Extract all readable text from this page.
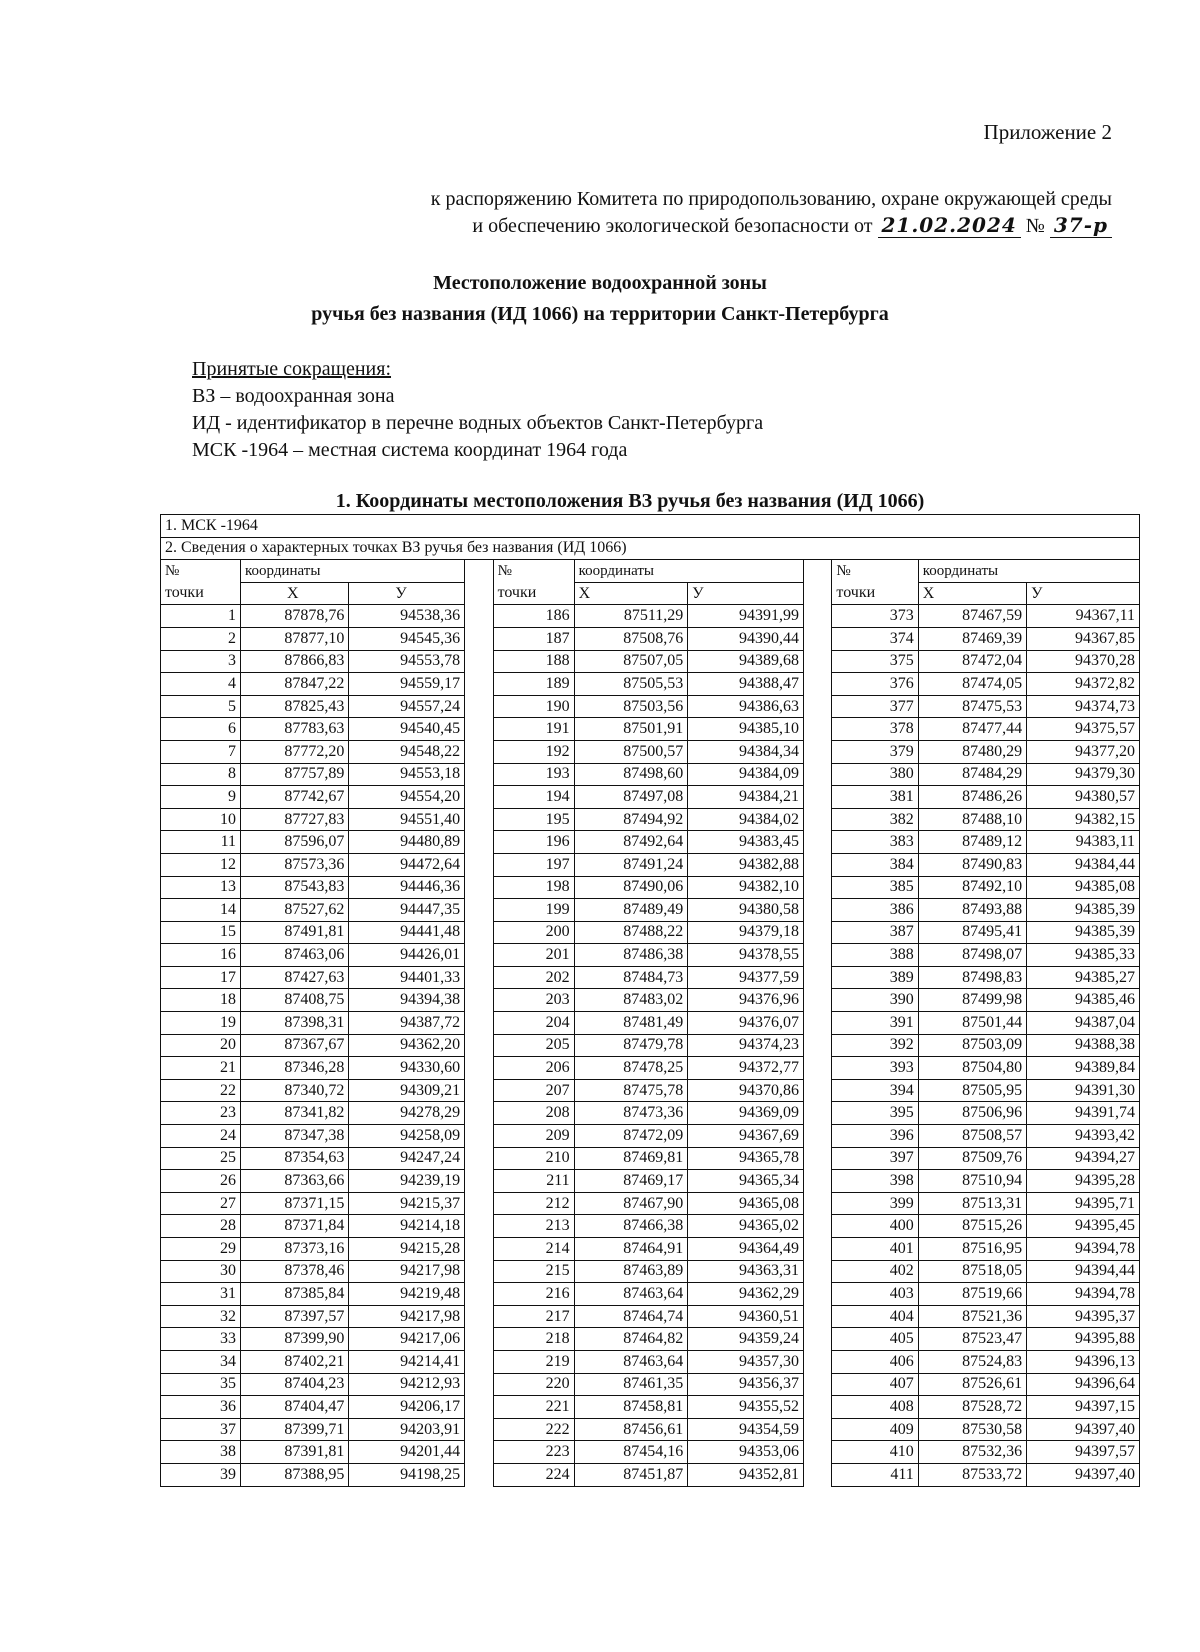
Приложение 2
к распоряжению Комитета по природопользованию, охране окружающей среды
и обеспечению экологической безопасности от 21.02.2024 № 37-р
Местоположение водоохранной зоны
ручья без названия (ИД 1066) на территории Санкт-Петербурга
Принятые сокращения:
ВЗ – водоохранная зона
ИД - идентификатор в перечне водных объектов Санкт-Петербурга
МСК -1964 – местная система координат 1964 года
1. Координаты местоположения ВЗ ручья без названия (ИД 1066)
1. МСК -1964										
2. Сведения о характерных точках ВЗ ручья без названия (ИД 1066)										
№	координаты			№	координаты			№	координаты	
точки	Х	У		точки	Х	У		точки	Х	У
1	87878,76	94538,36		186	87511,29	94391,99		373	87467,59	94367,11
2	87877,10	94545,36		187	87508,76	94390,44		374	87469,39	94367,85
3	87866,83	94553,78		188	87507,05	94389,68		375	87472,04	94370,28
4	87847,22	94559,17		189	87505,53	94388,47		376	87474,05	94372,82
5	87825,43	94557,24		190	87503,56	94386,63		377	87475,53	94374,73
6	87783,63	94540,45		191	87501,91	94385,10		378	87477,44	94375,57
7	87772,20	94548,22		192	87500,57	94384,34		379	87480,29	94377,20
8	87757,89	94553,18		193	87498,60	94384,09		380	87484,29	94379,30
9	87742,67	94554,20		194	87497,08	94384,21		381	87486,26	94380,57
10	87727,83	94551,40		195	87494,92	94384,02		382	87488,10	94382,15
11	87596,07	94480,89		196	87492,64	94383,45		383	87489,12	94383,11
12	87573,36	94472,64		197	87491,24	94382,88		384	87490,83	94384,44
13	87543,83	94446,36		198	87490,06	94382,10		385	87492,10	94385,08
14	87527,62	94447,35		199	87489,49	94380,58		386	87493,88	94385,39
15	87491,81	94441,48		200	87488,22	94379,18		387	87495,41	94385,39
16	87463,06	94426,01		201	87486,38	94378,55		388	87498,07	94385,33
17	87427,63	94401,33		202	87484,73	94377,59		389	87498,83	94385,27
18	87408,75	94394,38		203	87483,02	94376,96		390	87499,98	94385,46
19	87398,31	94387,72		204	87481,49	94376,07		391	87501,44	94387,04
20	87367,67	94362,20		205	87479,78	94374,23		392	87503,09	94388,38
21	87346,28	94330,60		206	87478,25	94372,77		393	87504,80	94389,84
22	87340,72	94309,21		207	87475,78	94370,86		394	87505,95	94391,30
23	87341,82	94278,29		208	87473,36	94369,09		395	87506,96	94391,74
24	87347,38	94258,09		209	87472,09	94367,69		396	87508,57	94393,42
25	87354,63	94247,24		210	87469,81	94365,78		397	87509,76	94394,27
26	87363,66	94239,19		211	87469,17	94365,34		398	87510,94	94395,28
27	87371,15	94215,37		212	87467,90	94365,08		399	87513,31	94395,71
28	87371,84	94214,18		213	87466,38	94365,02		400	87515,26	94395,45
29	87373,16	94215,28		214	87464,91	94364,49		401	87516,95	94394,78
30	87378,46	94217,98		215	87463,89	94363,31		402	87518,05	94394,44
31	87385,84	94219,48		216	87463,64	94362,29		403	87519,66	94394,78
32	87397,57	94217,98		217	87464,74	94360,51		404	87521,36	94395,37
33	87399,90	94217,06		218	87464,82	94359,24		405	87523,47	94395,88
34	87402,21	94214,41		219	87463,64	94357,30		406	87524,83	94396,13
35	87404,23	94212,93		220	87461,35	94356,37		407	87526,61	94396,64
36	87404,47	94206,17		221	87458,81	94355,52		408	87528,72	94397,15
37	87399,71	94203,91		222	87456,61	94354,59		409	87530,58	94397,40
38	87391,81	94201,44		223	87454,16	94353,06		410	87532,36	94397,57
39	87388,95	94198,25		224	87451,87	94352,81		411	87533,72	94397,40
